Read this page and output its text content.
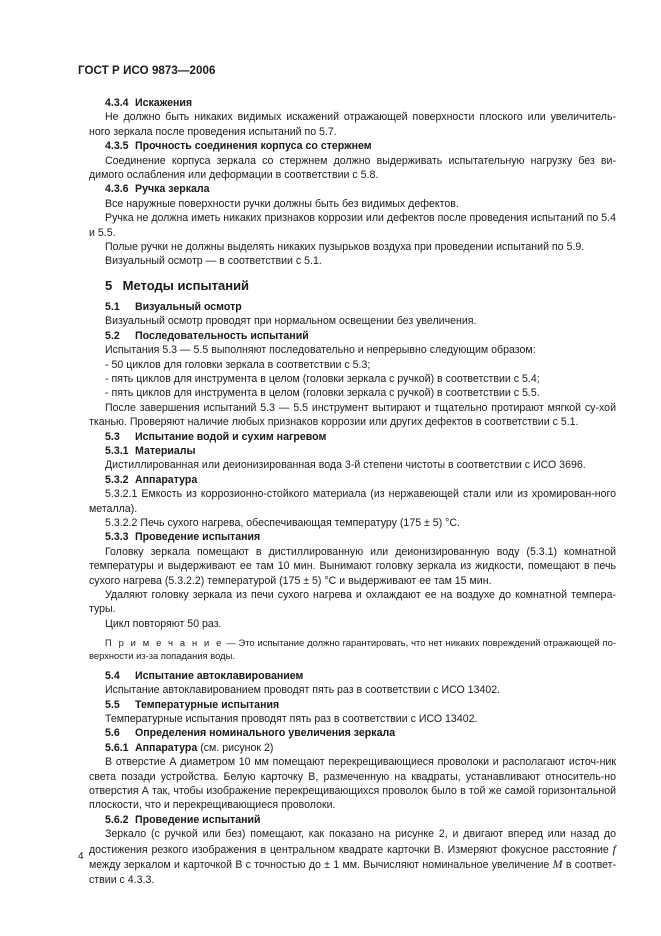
ГОСТ Р ИСО 9873—2006
4.3.4 Искажения
Не должно быть никаких видимых искажений отражающей поверхности плоского или увеличитель-ного зеркала после проведения испытаний по 5.7.
4.3.5 Прочность соединения корпуса со стержнем
Соединение корпуса зеркала со стержнем должно выдерживать испытательную нагрузку без ви-димого ослабления или деформации в соответствии с 5.8.
4.3.6 Ручка зеркала
Все наружные поверхности ручки должны быть без видимых дефектов.
Ручка не должна иметь никаких признаков коррозии или дефектов после проведения испытаний по 5.4 и 5.5.
Полые ручки не должны выделять никаких пузырьков воздуха при проведении испытаний по 5.9.
Визуальный осмотр — в соответствии с 5.1.
5 Методы испытаний
5.1 Визуальный осмотр
Визуальный осмотр проводят при нормальном освещении без увеличения.
5.2 Последовательность испытаний
Испытания 5.3 — 5.5 выполняют последовательно и непрерывно следующим образом:
- 50 циклов для головки зеркала в соответствии с 5.3;
- пять циклов для инструмента в целом (головки зеркала с ручкой) в соответствии с 5.4;
- пять циклов для инструмента в целом (головки зеркала с ручкой) в соответствии с 5.5.
После завершения испытаний 5.3 — 5.5 инструмент вытирают и тщательно протирают мягкой су-хой тканью. Проверяют наличие любых признаков коррозии или других дефектов в соответствии с 5.1.
5.3 Испытание водой и сухим нагревом
5.3.1 Материалы
Дистиллированная или деионизированная вода 3-й степени чистоты в соответствии с ИСО 3696.
5.3.2 Аппаратура
5.3.2.1 Емкость из коррозионно-стойкого материала (из нержавеющей стали или из хромирован-ного металла).
5.3.2.2 Печь сухого нагрева, обеспечивающая температуру (175 ± 5) °С.
5.3.3 Проведение испытания
Головку зеркала помещают в дистиллированную или деионизированную воду (5.3.1) комнатной температуры и выдерживают ее там 10 мин. Вынимают головку зеркала из жидкости, помещают в печь сухого нагрева (5.3.2.2) температурой (175 ± 5) °С и выдерживают ее там 15 мин.
Удаляют головку зеркала из печи сухого нагрева и охлаждают ее на воздухе до комнатной темпера-туры.
Цикл повторяют 50 раз.
П р и м е ч а н и е — Это испытание должно гарантировать, что нет никаких повреждений отражающей по-верхности из-за попадания воды.
5.4 Испытание автоклавированием
Испытание автоклавированием проводят пять раз в соответствии с ИСО 13402.
5.5 Температурные испытания
Температурные испытания проводят пять раз в соответствии с ИСО 13402.
5.6 Определения номинального увеличения зеркала
5.6.1 Аппаратура (см. рисунок 2)
В отверстие А диаметром 10 мм помещают перекрещивающиеся проволоки и располагают источ-ник света позади устройства. Белую карточку В, размеченную на квадраты, устанавливают относитель-но отверстия А так, чтобы изображение перекрещивающихся проволок было в той же самой горизонтальной плоскости, что и перекрещивающиеся проволоки.
5.6.2 Проведение испытаний
Зеркало (с ручкой или без) помещают, как показано на рисунке 2, и двигают вперед или назад до достижения резкого изображения в центральном квадрате карточки В. Измеряют фокусное расстояние f между зеркалом и карточкой В с точностью до ± 1 мм. Вычисляют номинальное увеличение M в соответ-ствии с 4.3.3.
4
